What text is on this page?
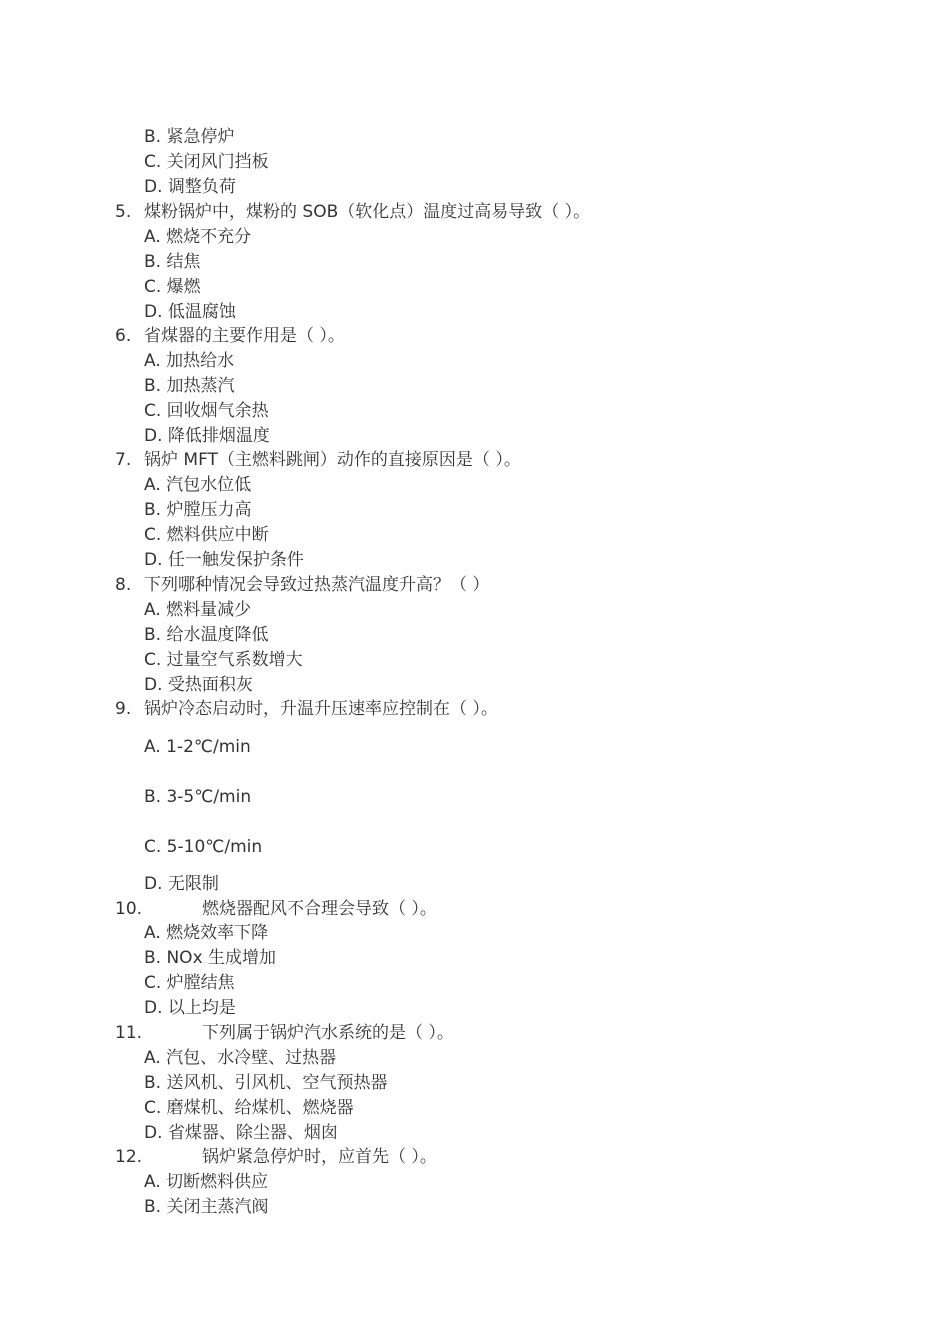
B. 紧急停炉
C. 关闭风门挡板
D. 调整负荷
5. 煤粉锅炉中，煤粉的 SOB（软化点）温度过高易导致（ ）。
A. 燃烧不充分
B. 结焦
C. 爆燃
D. 低温腐蚀
6. 省煤器的主要作用是（ ）。
A. 加热给水
B. 加热蒸汽
C. 回收烟气余热
D. 降低排烟温度
7. 锅炉 MFT（主燃料跳闸）动作的直接原因是（ ）。
A. 汽包水位低
B. 炉膛压力高
C. 燃料供应中断
D. 任一触发保护条件
8. 下列哪种情况会导致过热蒸汽温度升高？（ ）
A. 燃料量减少
B. 给水温度降低
C. 过量空气系数增大
D. 受热面积灰
9. 锅炉冷态启动时，升温升压速率应控制在（ ）。
A. 1-2℃/min
B. 3-5℃/min
C. 5-10℃/min
D. 无限制
10.	燃烧器配风不合理会导致（ ）。
A. 燃烧效率下降
B. NOx 生成增加
C. 炉膛结焦
D. 以上均是
11.	下列属于锅炉汽水系统的是（ ）。
A. 汽包、水冷壁、过热器
B. 送风机、引风机、空气预热器
C. 磨煤机、给煤机、燃烧器
D. 省煤器、除尘器、烟囱
12.	锅炉紧急停炉时，应首先（ ）。
A. 切断燃料供应
B. 关闭主蒸汽阀
